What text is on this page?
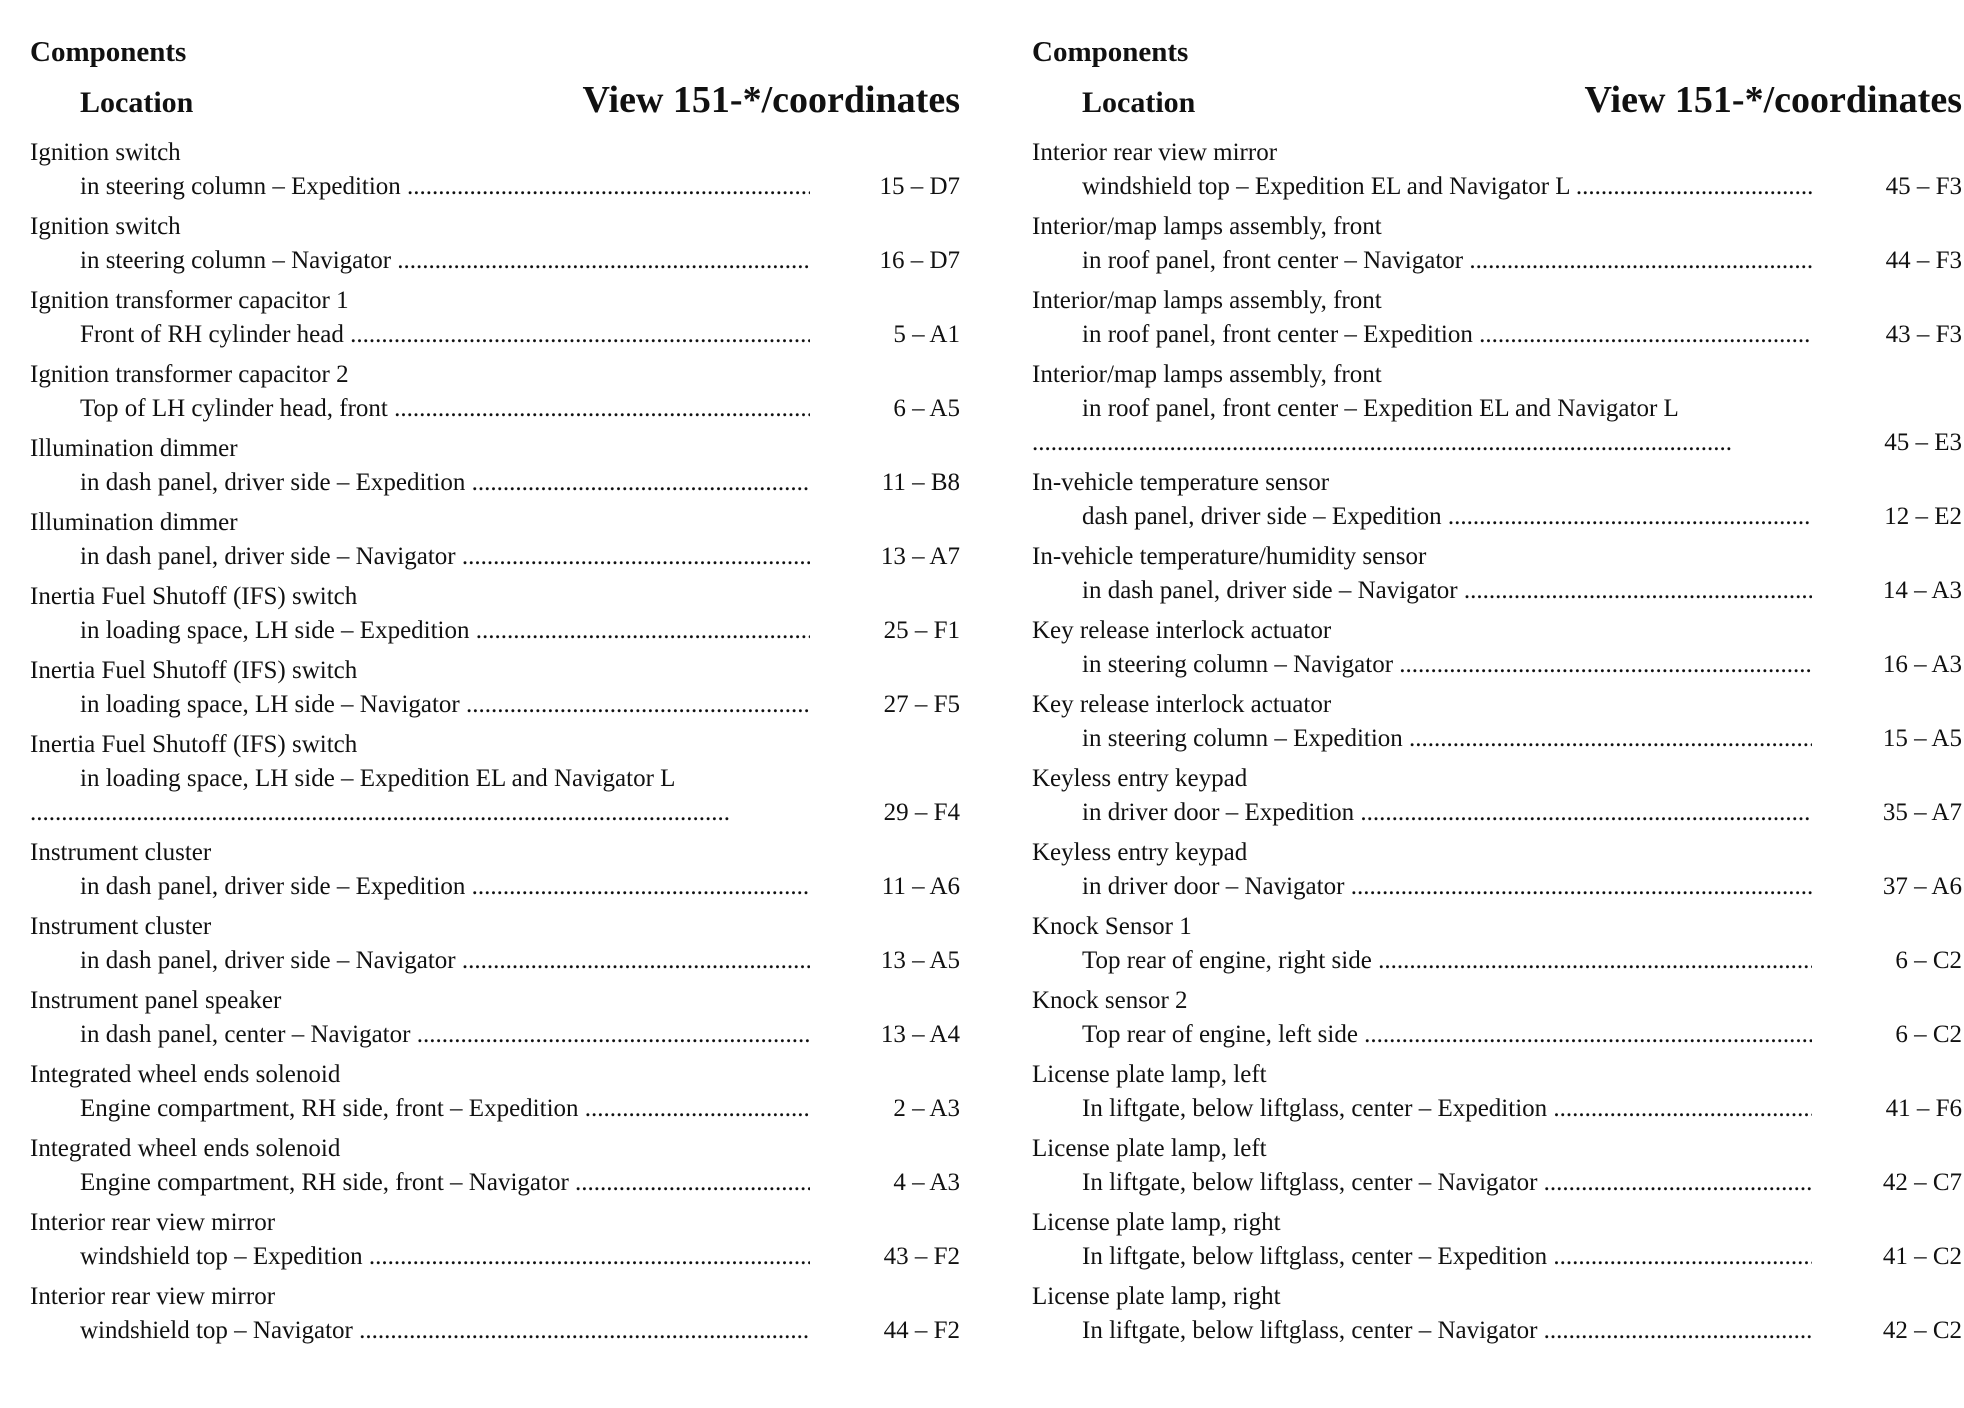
Components
Location	View 151-*/coordinates
Ignition switch
in steering column – Expedition .....	15 – D7
Ignition switch
in steering column – Navigator .....	16 – D7
Ignition transformer capacitor 1
Front of RH cylinder head .....	5 – A1
Ignition transformer capacitor 2
Top of LH cylinder head, front .....	6 – A5
Illumination dimmer
in dash panel, driver side – Expedition .....	11 – B8
Illumination dimmer
in dash panel, driver side – Navigator .....	13 – A7
Inertia Fuel Shutoff (IFS) switch
in loading space, LH side – Expedition .....	25 – F1
Inertia Fuel Shutoff (IFS) switch
in loading space, LH side – Navigator .....	27 – F5
Inertia Fuel Shutoff (IFS) switch
in loading space, LH side – Expedition EL and Navigator L
.....
29 – F4
Instrument cluster
in dash panel, driver side – Expedition .....	11 – A6
Instrument cluster
in dash panel, driver side – Navigator .....	13 – A5
Instrument panel speaker
in dash panel, center – Navigator .....	13 – A4
Integrated wheel ends solenoid
Engine compartment, RH side, front – Expedition .....	2 – A3
Integrated wheel ends solenoid
Engine compartment, RH side, front – Navigator .....	4 – A3
Interior rear view mirror
windshield top – Expedition .....	43 – F2
Interior rear view mirror
windshield top – Navigator .....	44 – F2
Components
Location	View 151-*/coordinates
Interior rear view mirror
windshield top – Expedition EL and Navigator L .....	45 – F3
Interior/map lamps assembly, front
in roof panel, front center – Navigator .....	44 – F3
Interior/map lamps assembly, front
in roof panel, front center – Expedition .....	43 – F3
Interior/map lamps assembly, front
in roof panel, front center – Expedition EL and Navigator L
.....
45 – E3
In-vehicle temperature sensor
dash panel, driver side – Expedition .....	12 – E2
In-vehicle temperature/humidity sensor
in dash panel, driver side – Navigator .....	14 – A3
Key release interlock actuator
in steering column – Navigator .....	16 – A3
Key release interlock actuator
in steering column – Expedition .....	15 – A5
Keyless entry keypad
in driver door – Expedition .....	35 – A7
Keyless entry keypad
in driver door – Navigator .....	37 – A6
Knock Sensor 1
Top rear of engine, right side .....	6 – C2
Knock sensor 2
Top rear of engine, left side .....	6 – C2
License plate lamp, left
In liftgate, below liftglass, center – Expedition .....	41 – F6
License plate lamp, left
In liftgate, below liftglass, center – Navigator .....	42 – C7
License plate lamp, right
In liftgate, below liftglass, center – Expedition .....	41 – C2
License plate lamp, right
In liftgate, below liftglass, center – Navigator .....	42 – C2
